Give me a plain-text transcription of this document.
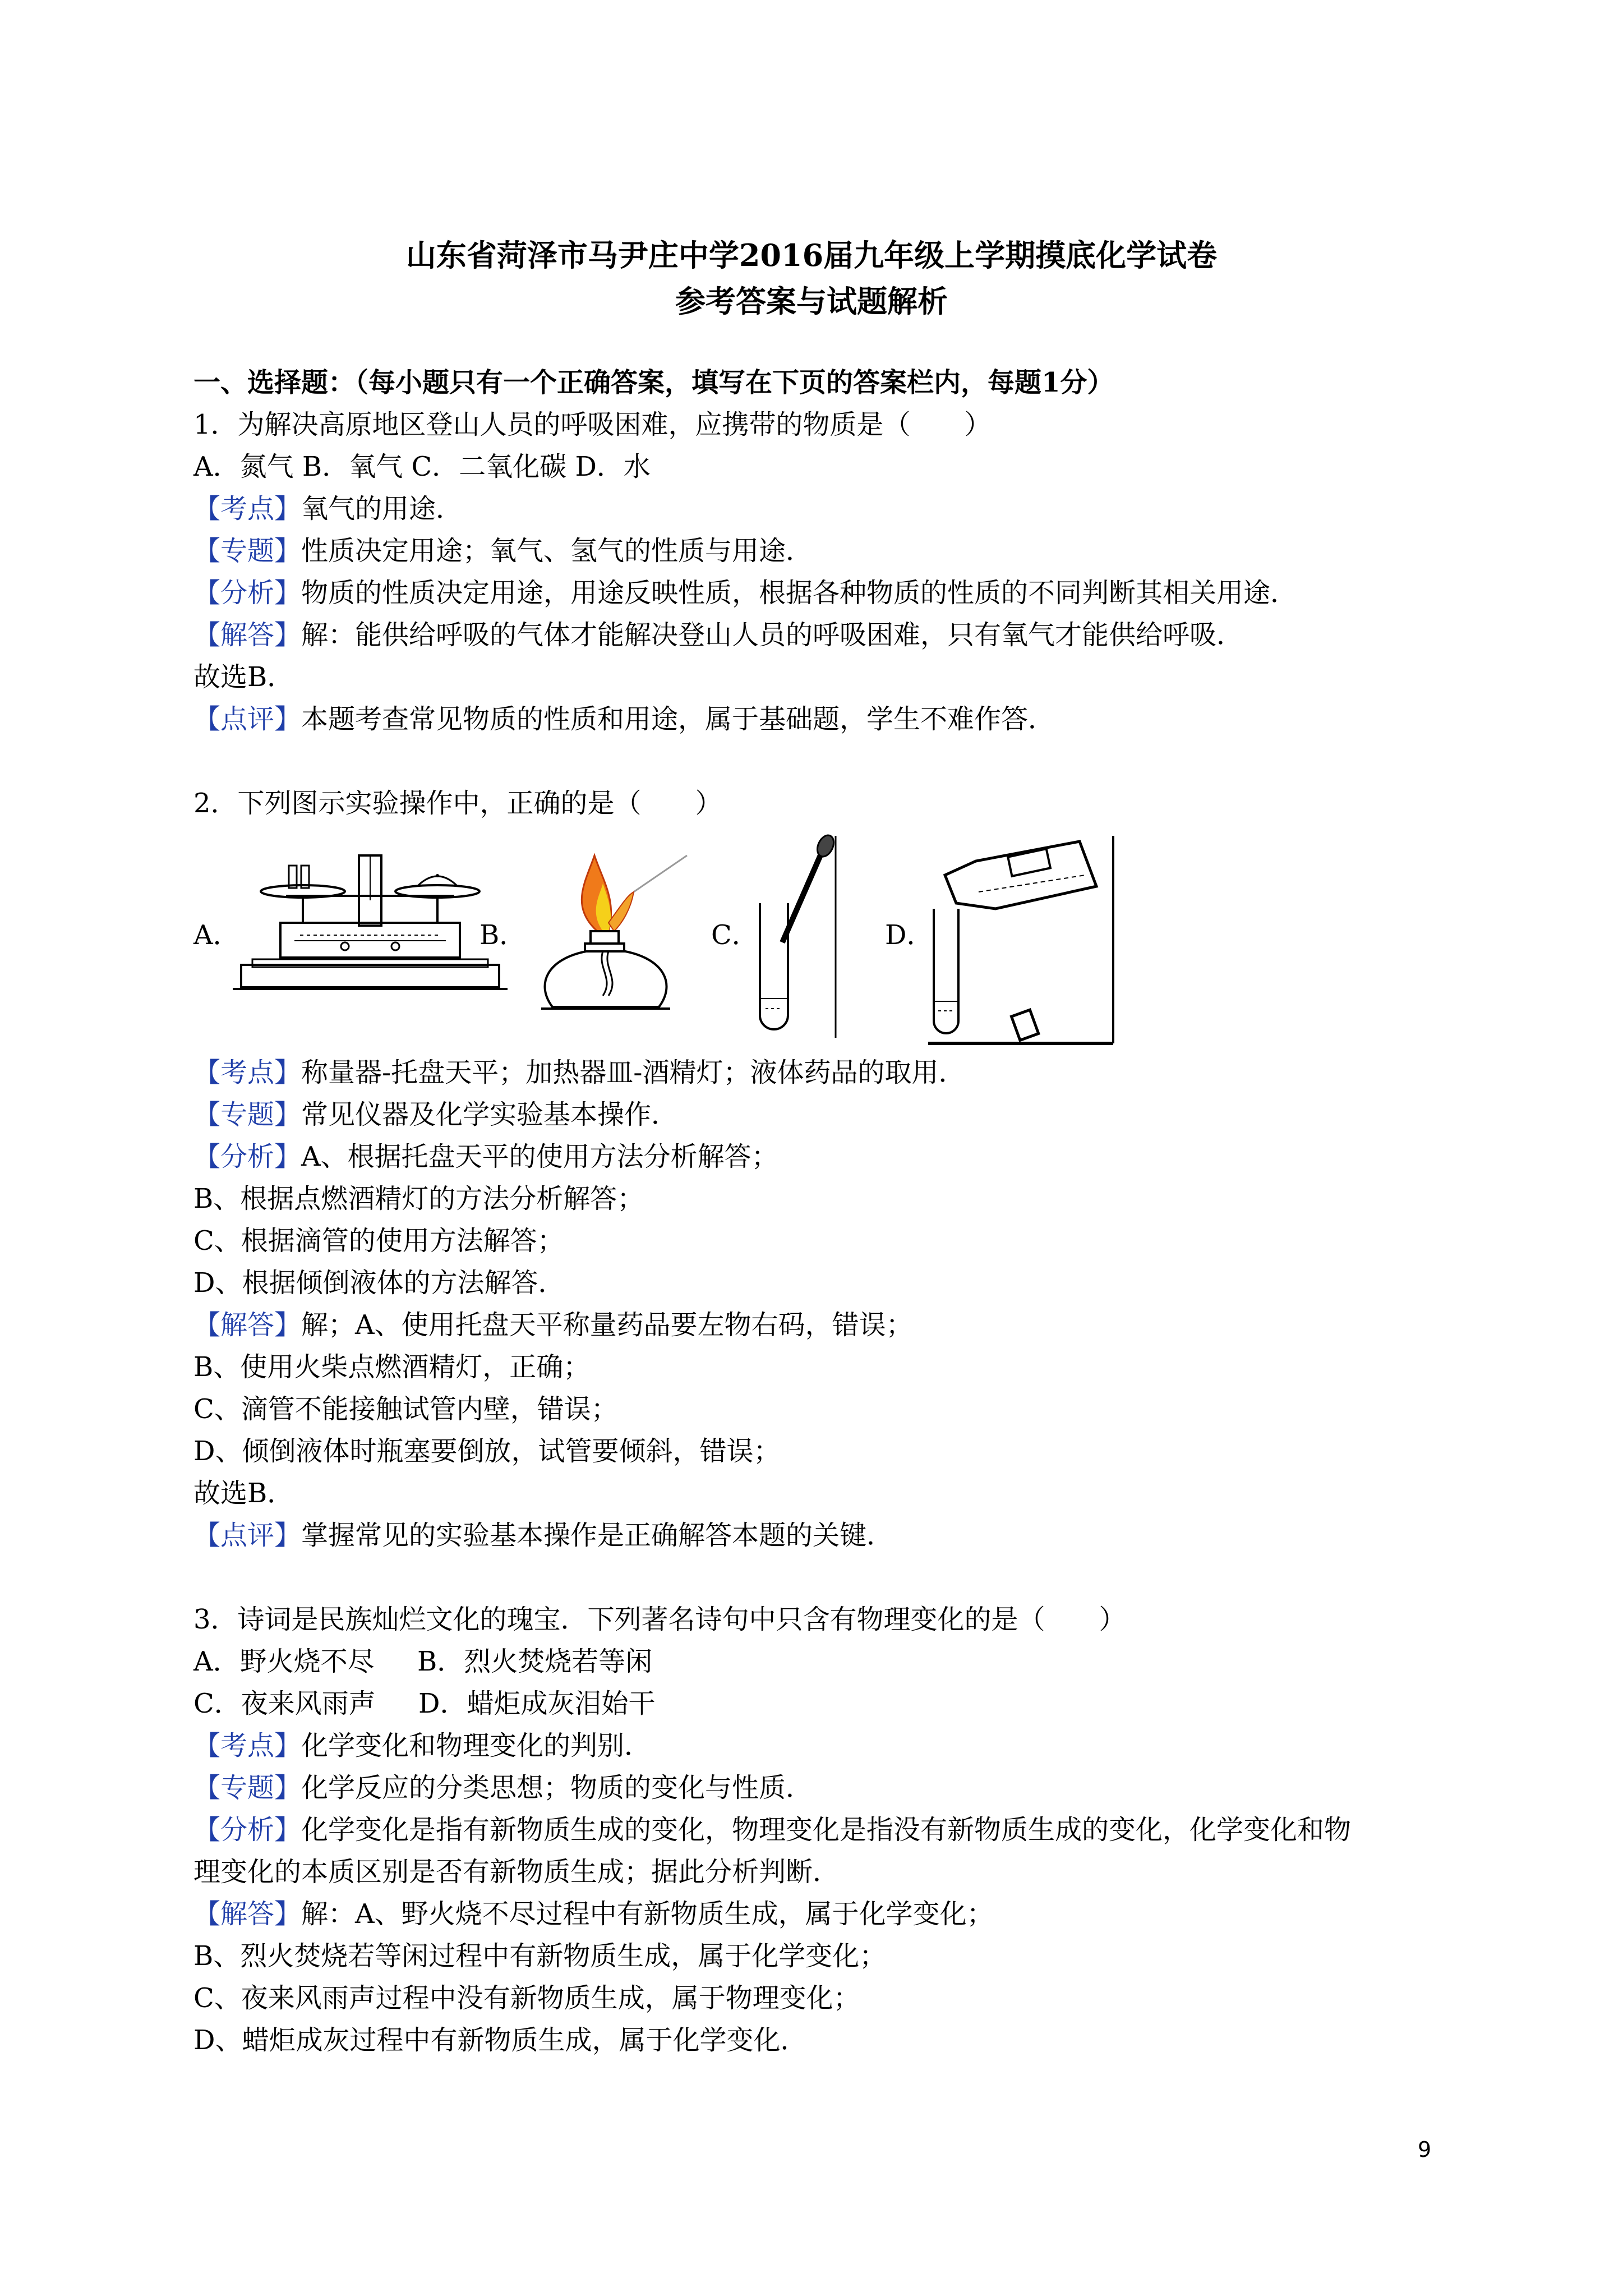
山东省菏泽市马尹庄中学2016届九年级上学期摸底化学试卷
参考答案与试题解析
一、选择题：（每小题只有一个正确答案，填写在下页的答案栏内，每题1分）
1．为解决高原地区登山人员的呼吸困难，应携带的物质是（　　）
A．氮气 B．氧气 C．二氧化碳 D．水
【考点】氧气的用途．
【专题】性质决定用途；氧气、氢气的性质与用途．
【分析】物质的性质决定用途，用途反映性质，根据各种物质的性质的不同判断其相关用途．
【解答】解：能供给呼吸的气体才能解决登山人员的呼吸困难，只有氧气才能供给呼吸．
故选B．
【点评】本题考查常见物质的性质和用途，属于基础题，学生不难作答．
2．下列图示实验操作中，正确的是（　　）
A．	B．	C．	D．
【考点】称量器-托盘天平；加热器皿-酒精灯；液体药品的取用．
【专题】常见仪器及化学实验基本操作．
【分析】A、根据托盘天平的使用方法分析解答；
B、根据点燃酒精灯的方法分析解答；
C、根据滴管的使用方法解答；
D、根据倾倒液体的方法解答．
【解答】解；A、使用托盘天平称量药品要左物右码，错误；
B、使用火柴点燃酒精灯，正确；
C、滴管不能接触试管内壁，错误；
D、倾倒液体时瓶塞要倒放，试管要倾斜，错误；
故选B．
【点评】掌握常见的实验基本操作是正确解答本题的关键．
3．诗词是民族灿烂文化的瑰宝．下列著名诗句中只含有物理变化的是（　　）
A．野火烧不尽     B．烈火焚烧若等闲
C．夜来风雨声     D．蜡炬成灰泪始干
【考点】化学变化和物理变化的判别．
【专题】化学反应的分类思想；物质的变化与性质．
【分析】化学变化是指有新物质生成的变化，物理变化是指没有新物质生成的变化，化学变化和物
理变化的本质区别是否有新物质生成；据此分析判断．
【解答】解：A、野火烧不尽过程中有新物质生成，属于化学变化；
B、烈火焚烧若等闲过程中有新物质生成，属于化学变化；
C、夜来风雨声过程中没有新物质生成，属于物理变化；
D、蜡炬成灰过程中有新物质生成，属于化学变化．
9
